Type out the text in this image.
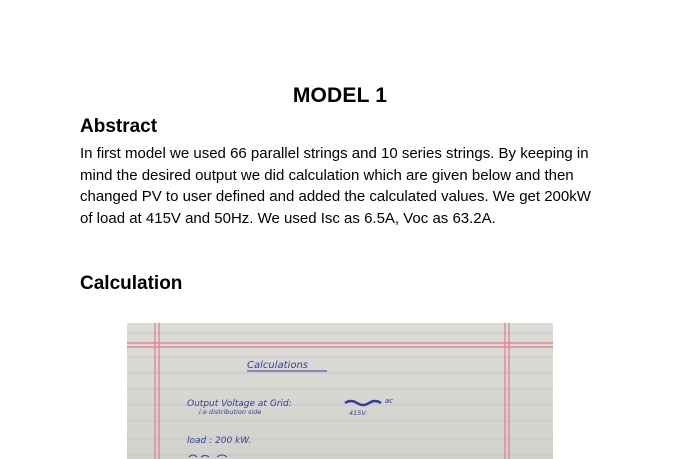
MODEL 1
Abstract

In first model we used 66 parallel strings and 10 series strings. By keeping in mind the desired output we did calculation which are given below and then changed PV to user defined and added the calculated values. We get 200kW of load at 415V and 50Hz. We used Isc as 6.5A, Voc as 63.2A.

Calculation
Calculations
Output Voltage at Grid:
i.e distribution side
ac
415V.
load : 200 kW.
